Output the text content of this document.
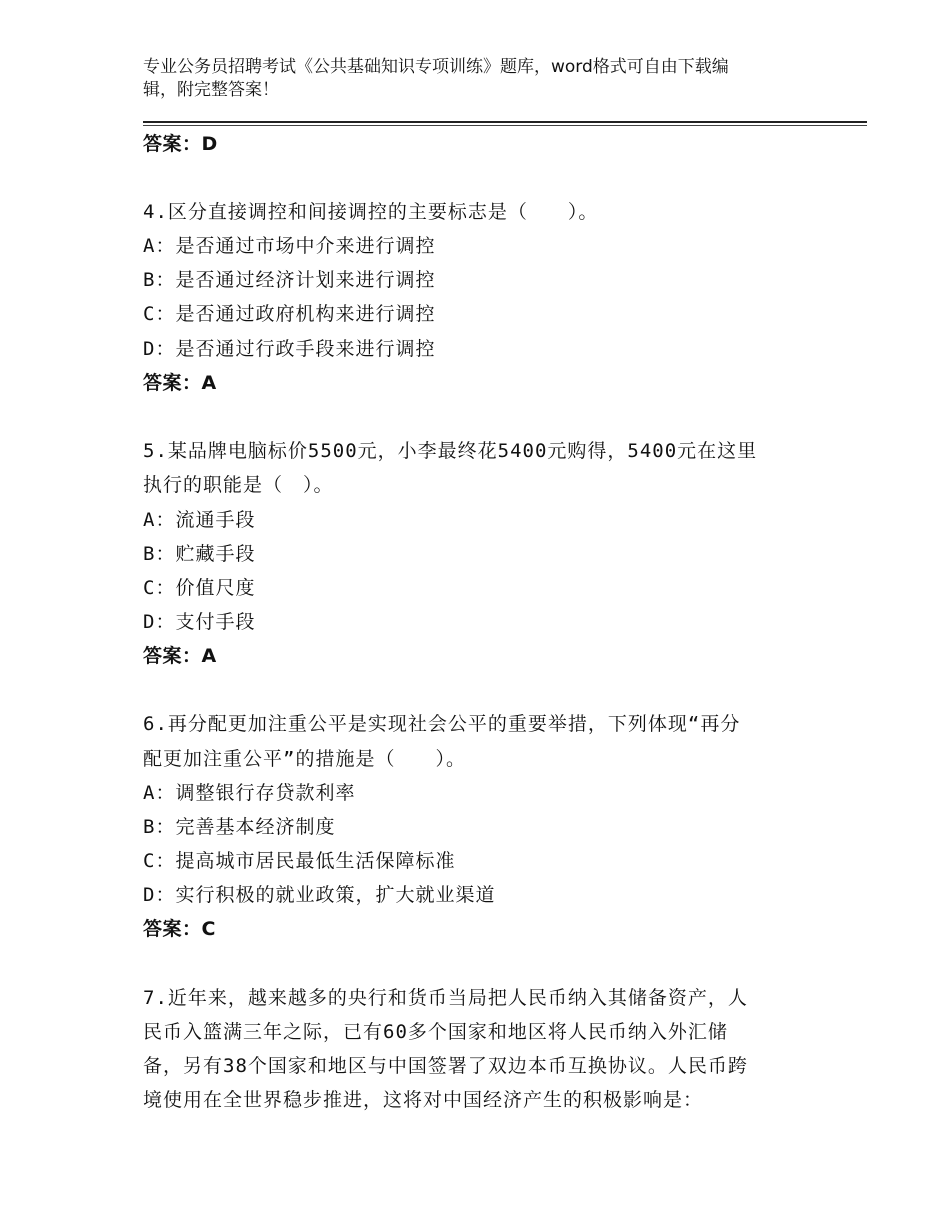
专业公务员招聘考试《公共基础知识专项训练》题库，word格式可自由下载编
辑，附完整答案！
答案：D
4.区分直接调控和间接调控的主要标志是（　　）。
A：是否通过市场中介来进行调控
B：是否通过经济计划来进行调控
C：是否通过政府机构来进行调控
D：是否通过行政手段来进行调控
答案：A
5.某品牌电脑标价5500元，小李最终花5400元购得，5400元在这里
执行的职能是（　）。
A：流通手段
B：贮藏手段
C：价值尺度
D：支付手段
答案：A
6.再分配更加注重公平是实现社会公平的重要举措，下列体现“再分
配更加注重公平”的措施是（　　）。
A：调整银行存贷款利率
B：完善基本经济制度
C：提高城市居民最低生活保障标准
D：实行积极的就业政策，扩大就业渠道
答案：C
7.近年来，越来越多的央行和货币当局把人民币纳入其储备资产，人
民币入篮满三年之际，已有60多个国家和地区将人民币纳入外汇储
备，另有38个国家和地区与中国签署了双边本币互换协议。人民币跨
境使用在全世界稳步推进，这将对中国经济产生的积极影响是：
